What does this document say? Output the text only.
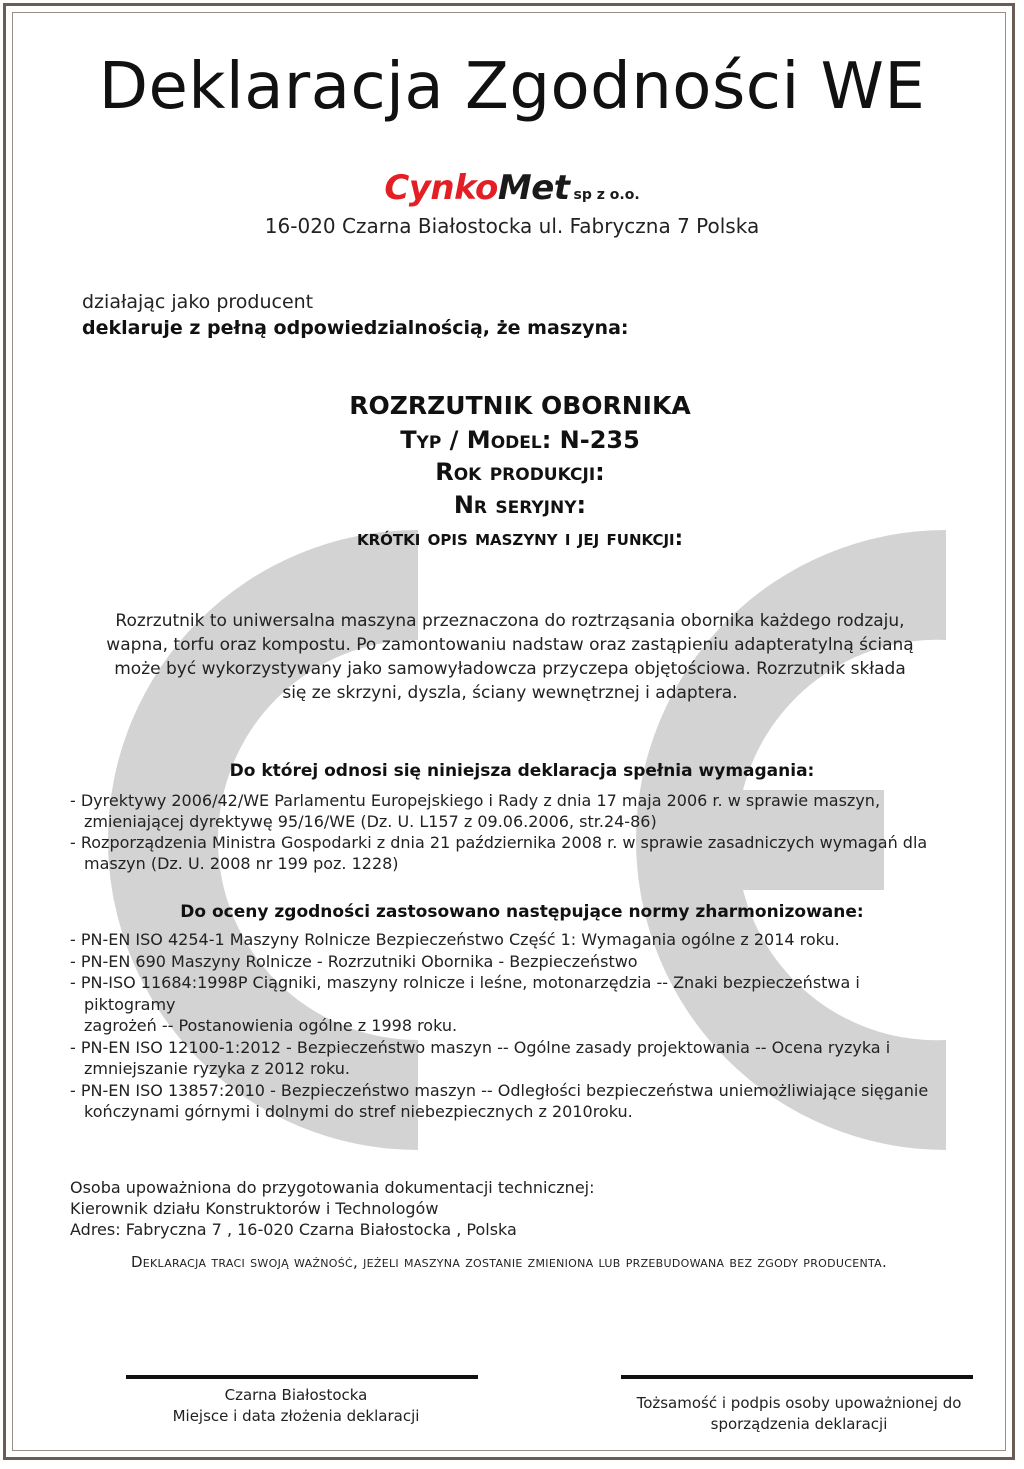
Deklaracja Zgodności WE
CynkoMet sp z o.o.
16-020 Czarna Białostocka ul. Fabryczna 7 Polska
działając jako producent
deklaruje z pełną odpowiedzialnością, że maszyna:
ROZRZUTNIK OBORNIKA
Typ / Model: N-235
Rok produkcji:
Nr seryjny:
krótki opis maszyny i jej funkcji:
Rozrzutnik to uniwersalna maszyna przeznaczona do roztrząsania obornika każdego rodzaju,
wapna, torfu oraz kompostu. Po zamontowaniu nadstaw oraz zastąpieniu adapteratylną ścianą
może być wykorzystywany jako samowyładowcza przyczepa objętościowa. Rozrzutnik składa
się ze skrzyni, dyszla, ściany wewnętrznej i adaptera.
Do której odnosi się niniejsza deklaracja spełnia wymagania:

- Dyrektywy 2006/42/WE Parlamentu Europejskiego i Rady z dnia 17 maja 2006 r. w sprawie maszyn,
zmieniającej dyrektywę 95/16/WE (Dz. U. L157 z 09.06.2006, str.24-86)

- Rozporządzenia Ministra Gospodarki z dnia 21 października 2008 r. w sprawie zasadniczych wymagań dla
maszyn (Dz. U. 2008 nr 199 poz. 1228)

Do oceny zgodności zastosowano następujące normy zharmonizowane:

- PN-EN ISO 4254-1 Maszyny Rolnicze Bezpieczeństwo Część 1: Wymagania ogólne z 2014 roku.

- PN-EN 690 Maszyny Rolnicze - Rozrzutniki Obornika - Bezpieczeństwo

- PN-ISO 11684:1998P Ciągniki, maszyny rolnicze i leśne, motonarzędzia -- Znaki bezpieczeństwa i piktogramy
zagrożeń -- Postanowienia ogólne z 1998 roku.

- PN-EN ISO 12100-1:2012 - Bezpieczeństwo maszyn -- Ogólne zasady projektowania -- Ocena ryzyka i
zmniejszanie ryzyka z 2012 roku.

- PN-EN ISO 13857:2010 - Bezpieczeństwo maszyn -- Odległości bezpieczeństwa uniemożliwiające sięganie
kończynami górnymi i dolnymi do stref niebezpiecznych z 2010roku.

Osoba upoważniona do przygotowania dokumentacji technicznej:
Kierownik działu Konstruktorów i Technologów
Adres: Fabryczna 7 , 16-020 Czarna Białostocka , Polska
Deklaracja traci swoją ważność, jeżeli maszyna zostanie zmieniona lub przebudowana bez zgody producenta.
Czarna Białostocka
Miejsce i data złożenia deklaracji
Tożsamość i podpis osoby upoważnionej do
sporządzenia deklaracji
